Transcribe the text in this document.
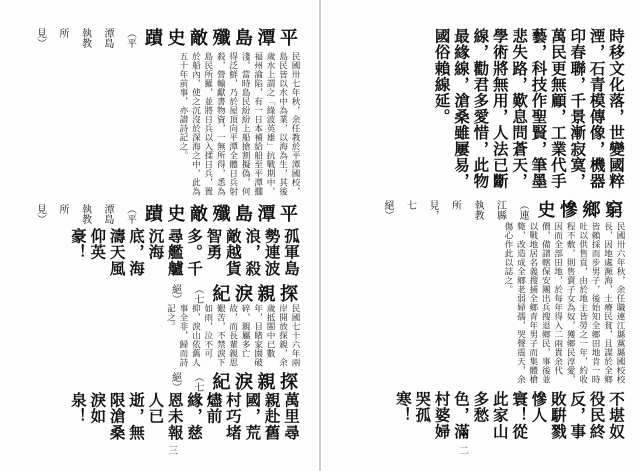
平潭島殲敵史蹟（平潭島執教所見）
民國卅七年秋，余任教於平潭國校，島民皆以水中為業，以海為生，其後歲水上謂之「綠波英雄」抗戰期中，福州淪陷，有一日本補給船至平潭擱淺，當時島民紛紛上船搶割擬偽，何得泛鮮，乃於屋頂向平潭全體日兵射殺，營輸獻書物資，一無所得，悉為島民所羅，並將日兵以入揉日兵，置於船內，使之沉沒於深海之中，此為五十年前事，亦譜詩記之。
平潭島殲敵史蹟（平潭島執教所見）
孤軍島勢連波浪，殺敵越貨智勇多。千尋艦艫沉海底，海濤天風仰英豪！
探親淚紀（七絕）
民國七十六年兩岸開放探親，余歲抵閩中已數年，目睹家園破碎，親屬多亡故，而長輩親思艱苦，不禁淚下如雨，泣不可抑，淚山依舊人事全非，歸而詩記之。
探親淚紀（七絕）
萬里尋親赴舊國，荒村巧堵燼前緣，慈恩未報人已逝，無限滄桑淚如泉！
三
時移文化落，世變國粹湮，石青模傳像，機器印春聯，千景漸寂寞，萬民更無顧，工業代手藝，科技作聖賢，筆墨悲失路，歎息問蒼天，學術將無用，人法已斷線，勸君多愛惜，此物最緣線，滄桑雖屢易，國俗賴線延。
窮鄉慘史（連江縣執教所見，七絕）
民國卅六年秋，余任職連江縣黨縣國校校長，因地處瀕海，土瘠民貧，且謀於全鄉皆賴採而步男子，後始知全鄉田地肯一時吐以供售貢，由於地主皆勞之一年，約收程不敷，則售賣子女為奴，獲鄉民淳愛，因而全部田地，於每年得入二兩貴余代價，備譜轄保安團出兵搜退鄉民，事後並以戰地居名義搜捕全鄉青年男子而集體槍斃，改造成全鄉老弱婦孺，哭聲震天，余傷心作此以誌之。
不堪奴役民終反，事敗騈戮慘人寰！從此家山多愁色，滿村婆婦哭孤寒！
二
